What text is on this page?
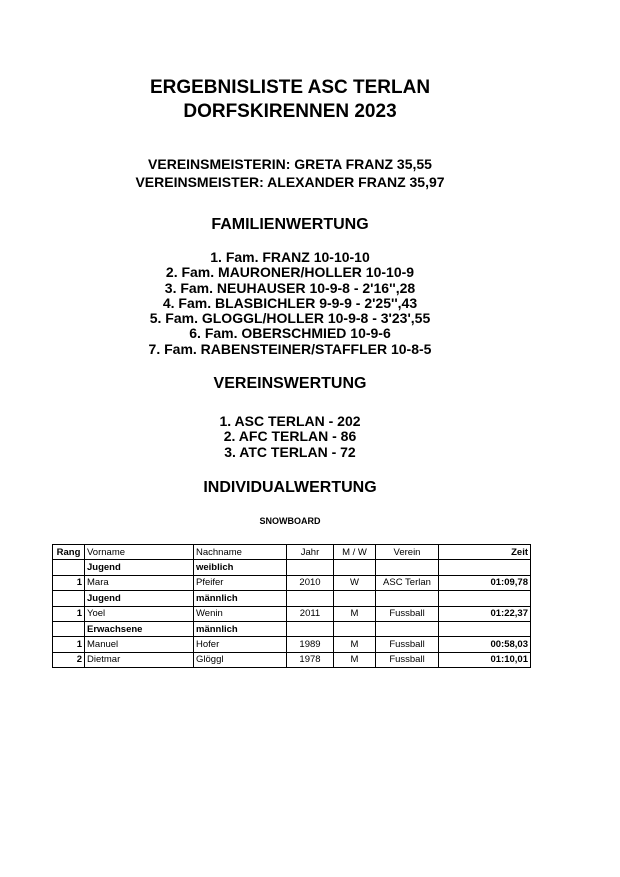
ERGEBNISLISTE ASC TERLAN
DORFSKIRENNEN 2023
VEREINSMEISTERIN: GRETA FRANZ 35,55
VEREINSMEISTER: ALEXANDER FRANZ 35,97
FAMILIENWERTUNG
1. Fam. FRANZ 10-10-10
2. Fam. MAURONER/HOLLER 10-10-9
3. Fam. NEUHAUSER 10-9-8 - 2'16'',28
4. Fam. BLASBICHLER 9-9-9 - 2'25'',43
5. Fam. GLOGGL/HOLLER 10-9-8 - 3'23',55
6. Fam. OBERSCHMIED 10-9-6
7. Fam. RABENSTEINER/STAFFLER 10-8-5
VEREINSWERTUNG
1. ASC TERLAN - 202
2. AFC TERLAN - 86
3. ATC TERLAN - 72
INDIVIDUALWERTUNG
SNOWBOARD
Rang	Vorname	Nachname	Jahr	M / W	Verein	Zeit
	Jugend	weiblich				
1	Mara	Pfeifer	2010	W	ASC Terlan	01:09,78
	Jugend	männlich				
1	Yoel	Wenin	2011	M	Fussball	01:22,37
	Erwachsene	männlich				
1	Manuel	Hofer	1989	M	Fussball	00:58,03
2	Dietmar	Glöggl	1978	M	Fussball	01:10,01
